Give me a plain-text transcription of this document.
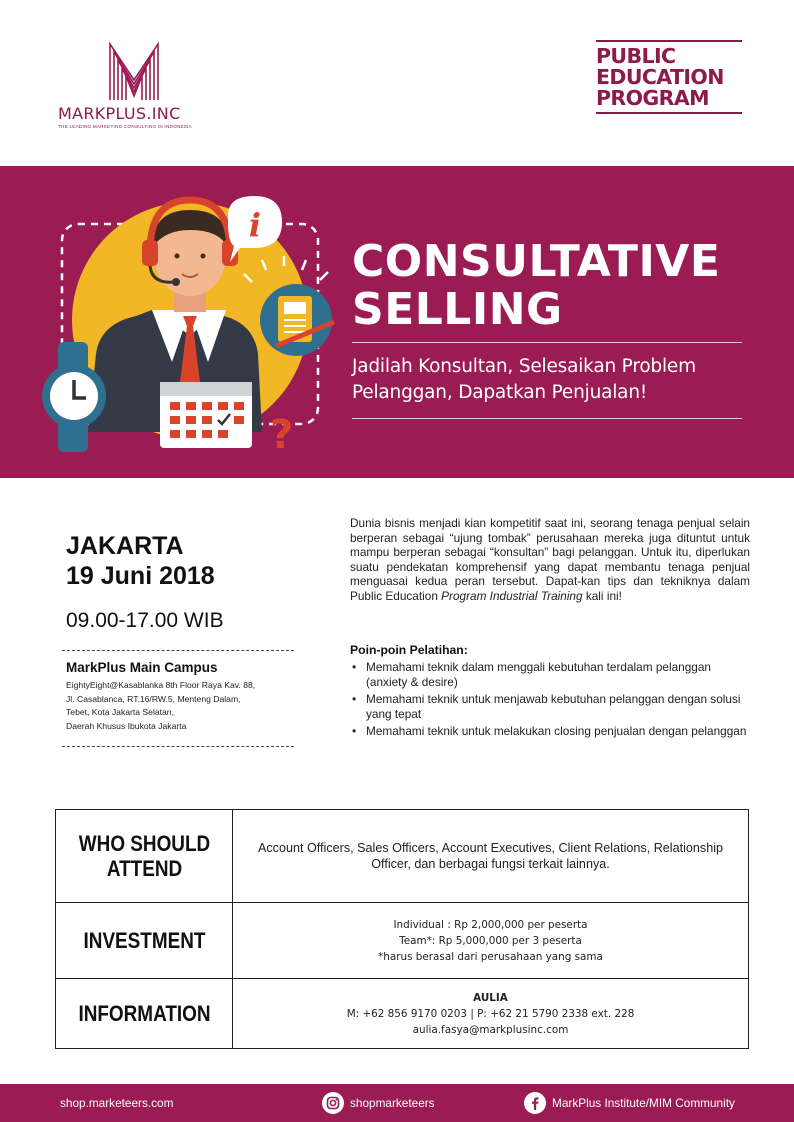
MARKPLUS.INC
THE LEADING MARKETING CONSULTING IN INDONESIA
PUBLIC
EDUCATION
PROGRAM
i
?
CONSULTATIVE
SELLING
Jadilah Konsultan, Selesaikan Problem
Pelanggan, Dapatkan Penjualan!
JAKARTA
19 Juni 2018
09.00-17.00 WIB
MarkPlus Main Campus
EightyEight@Kasablanka 8th Floor Raya Kav. 88,
Jl. Casablanca, RT.16/RW.5, Menteng Dalam,
Tebet, Kota Jakarta Selatan,
Daerah Khusus Ibukota Jakarta

Dunia bisnis menjadi kian kompetitif saat ini, seorang tenaga penjual selain berperan sebagai “ujung tombak” perusahaan mereka juga dituntut untuk mampu berperan sebagai “konsultan” bagi pelanggan. Untuk itu, diperlukan suatu pendekatan komprehensif yang dapat membantu tenaga penjual menguasai kedua peran tersebut. Dapat-kan tips dan tekniknya dalam Public Education Program Industrial Training kali ini!

Poin-poin Pelatihan:
• Memahami teknik dalam menggali kebutuhan terdalam pelanggan (anxiety & desire)
• Memahami teknik untuk menjawab kebutuhan pelanggan dengan solusi yang tepat
• Memahami teknik untuk melakukan closing penjualan dengan pelanggan
WHO SHOULD
ATTEND	Account Officers, Sales Officers, Account Executives, Client Relations, Relationship Officer, dan berbagai fungsi terkait lainnya.

INVESTMENT	Individual : Rp 2,000,000 per peserta
Team*: Rp 5,000,000 per 3 peserta
*harus berasal dari perusahaan yang sama

INFORMATION	AULIA
M: +62 856 9170 0203 | P: +62 21 5790 2338 ext. 228
aulia.fasya@markplusinc.com
shop.marketeers.com	shopmarketeers	MarkPlus Institute/MIM Community
